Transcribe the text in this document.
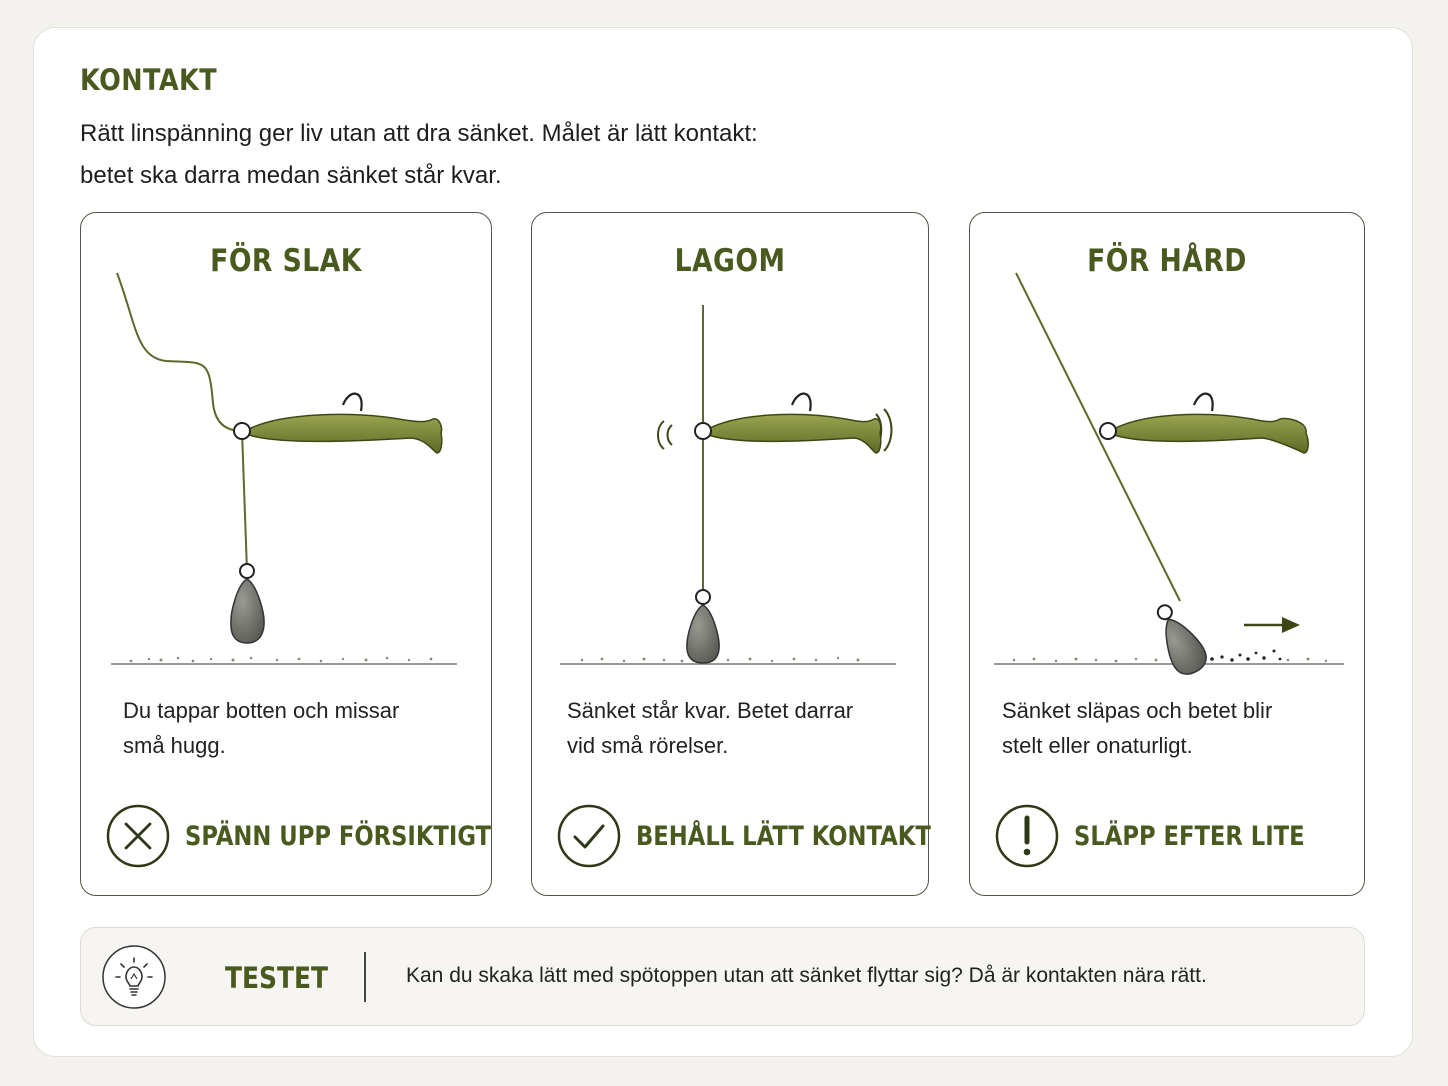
KONTAKT

Rätt linspänning ger liv utan att dra sänket. Målet är lätt kontakt:
betet ska darra medan sänket står kvar.

FÖR SLAK

Du tappar botten och missar
små hugg.

SPÄNN UPP FÖRSIKTIGT
LAGOM

Sänket står kvar. Betet darrar
vid små rörelser.

BEHÅLL LÄTT KONTAKT
FÖR HÅRD

Sänket släpas och betet blir
stelt eller onaturligt.

SLÄPP EFTER LITE
TESTET	Kan du skaka lätt med spötoppen utan att sänket flyttar sig? Då är kontakten nära rätt.
